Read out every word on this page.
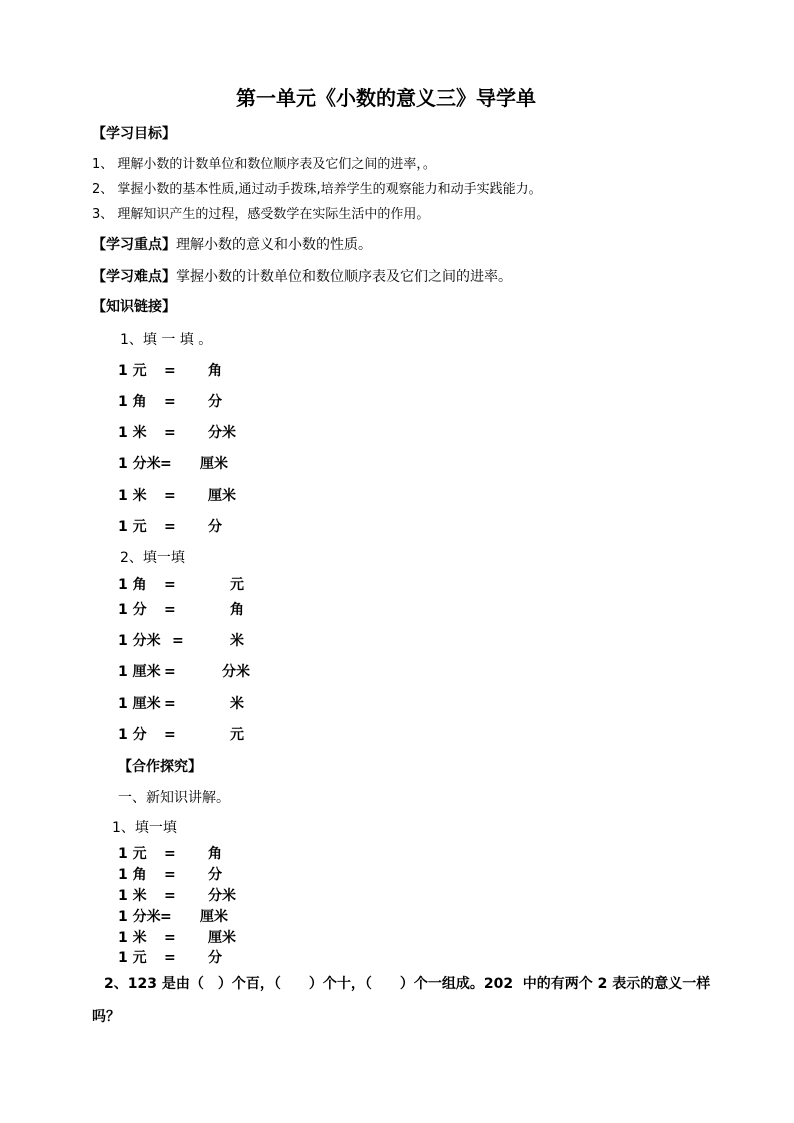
第一单元《小数的意义三》导学单
【学习目标】
1、 理解小数的计数单位和数位顺序表及它们之间的进率，。
2、 掌握小数的基本性质,通过动手拨珠,培养学生的观察能力和动手实践能力。
3、 理解知识产生的过程，感受数学在实际生活中的作用。
【学习重点】理解小数的意义和小数的性质。
【学习难点】掌握小数的计数单位和数位顺序表及它们之间的进率。
【知识链接】
1、填 一 填 。
1 元 = 角
1 角 = 分
1 米 = 分米
1 分米 = 厘米
1 米 = 厘米
1 元 = 分
2、填一填
1 角 =	元
1 分 =	角
1 分米 =	米
1 厘米 =	分米
1 厘米 =	米
1 分 =	元
【合作探究】
一、新知识讲解。
1、填一填
1 元 = 角
1 角 = 分
1 米 = 分米
1 分米 = 厘米
1 米 = 厘米
1 元 = 分
2、123 是由（　）个百，（　　）个十，（　　）个一组成。202  中的有两个 2 表示的意义一样
吗？
